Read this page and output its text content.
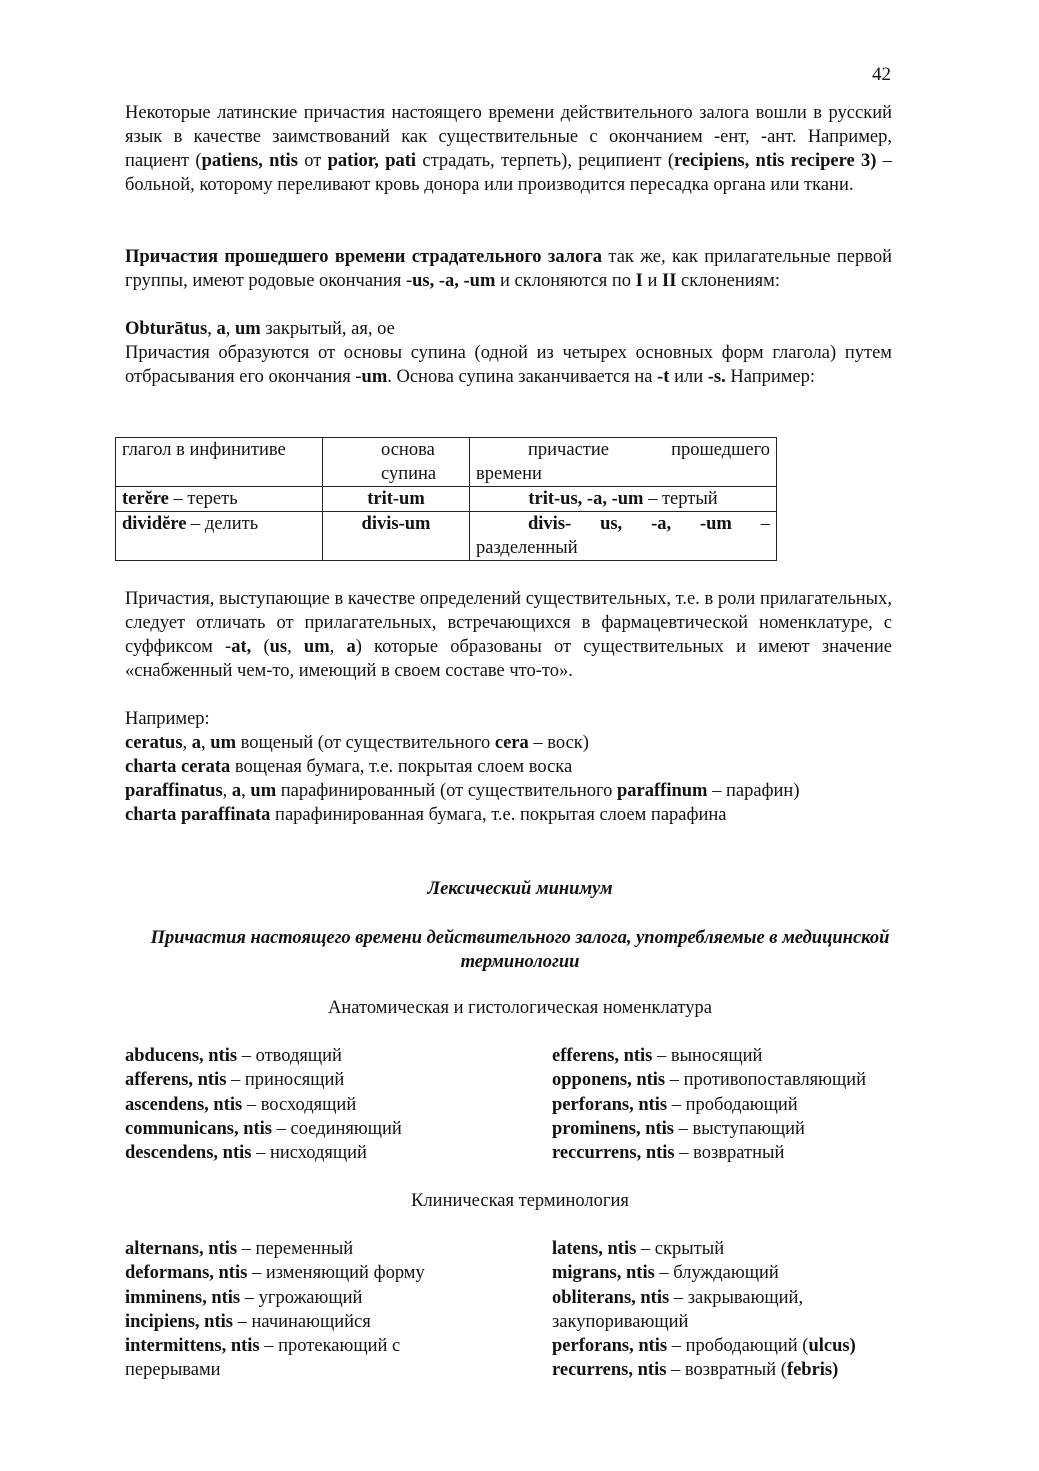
42

Некоторые латинские причастия настоящего времени действительного залога вошли в русский язык в качестве заимствований как существительные с окончанием -ент, -ант. Например, пациент (patiens, ntis от patior, pati страдать, терпеть), реципиент (recipiens, ntis recipere 3) – больной, которому переливают кровь донора или производится пересадка органа или ткани.

Причастия прошедшего времени страдательного залога так же, как прилагательные первой группы, имеют родовые окончания -us, -a, -um и склоняются по I и II склонениям:

Obturātus, a, um закрытый, ая, ое

Причастия образуются от основы супина (одной из четырех основных форм глагола) путем отбрасывания его окончания -um. Основа супина заканчивается на -t или -s. Например:

глагол в инфинитиве	основа супина	причастие прошедшего времени

terĕre – тереть	trit-um	trit-us, -a, -um – тертый
dividĕre – делить	divis-um	divis- us, -a, -um – разделенный

Причастия, выступающие в качестве определений существительных, т.е. в роли прилагательных, следует отличать от прилагательных, встречающихся в фармацевтической номенклатуре, с суффиксом -at, (us, um, a) которые образованы от существительных и имеют значение «снабженный чем-то, имеющий в своем составе что-то».

Например:
ceratus, a, um вощеный (от существительного cera – воск)
charta cerata вощеная бумага, т.е. покрытая слоем воска
paraffinatus, a, um парафинированный (от существительного paraffinum – парафин)
charta paraffinata парафинированная бумага, т.е. покрытая слоем парафина
Лексический минимум
Причастия настоящего времени действительного залога, употребляемые в медицинской терминологии
Анатомическая и гистологическая номенклатура
abducens, ntis – отводящий
afferens, ntis – приносящий
ascendens, ntis – восходящий
communicans, ntis – соединяющий
descendens, ntis – нисходящий
efferens, ntis – выносящий
opponens, ntis – противопоставляющий
perforans, ntis – прободающий
prominens, ntis – выступающий
reccurrens, ntis – возвратный
Клиническая терминология
alternans, ntis – переменный
deformans, ntis – изменяющий форму
imminens, ntis – угрожающий
incipiens, ntis – начинающийся
intermittens, ntis – протекающий с
перерывами
latens, ntis – скрытый
migrans, ntis – блуждающий
obliterans, ntis – закрывающий,
закупоривающий
perforans, ntis – прободающий (ulcus)
recurrens, ntis – возвратный (febris)
